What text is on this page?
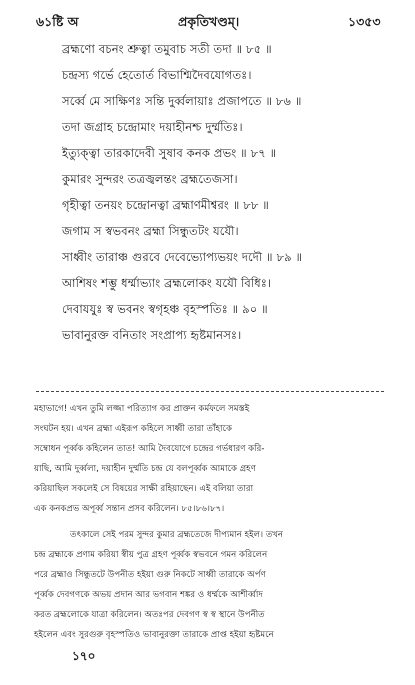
৬১ষ্টি অ	প্রকৃতিখণ্ডম্।	১৩৫৩
ব্রহ্মণো বচনং শ্রুত্বা তমুবাচ সতী তদা ॥ ৮৫ ॥
চন্দ্রস্য গর্ভে হেতোর্ত বিভাশ্মিদৈবযোগতঃ।
সর্ব্বে মে সাক্ষিণঃ সন্তি দুর্ব্বলায়াঃ প্রজাপতে ॥ ৮৬ ॥
তদা জগ্রাহ চন্দ্রোমাং দয়াহীনশ্চ দুর্ম্মতিঃ।
ইত্যুক্ত্বা তারকাদেবী সুষাব কনক প্রভং ॥ ৮৭ ॥
কুমারং সুন্দরং তত্রজ্বলন্তং ব্রহ্মতেজসা।
গৃহীত্বা তনয়ং চন্দ্রোনত্বা ব্রহ্মাণমীশ্বরং ॥ ৮৮ ॥
জগাম স স্বভবনং ব্রহ্মা সিন্ধুতটং যযৌ।
সাধ্বীং তারাঞ্চ গুরবে দেবেভ্যোপ্যভয়ং দদৌ ॥ ৮৯ ॥
আশিষং শম্ভু ধর্ম্মাভ্যাং ব্রহ্মলোকং যযৌ বিধিঃ।
দেবাযযুঃ স্ব ভবনং স্বগৃহঞ্চ বৃহস্পতিঃ ॥ ৯০ ॥
ভাবানুরক্ত বনিতাং সংপ্রাপ্য হৃষ্টমানসঃ।
মহাভাগে! এখন তুমি লজ্জা পরিত্যাগ কর প্রাক্তন কর্মফলে সমস্তই
সংঘটন হয়। এখন ব্রহ্মা এইরূপ কহিলে সাধ্বী তারা তাঁহাকে
সম্বোধন পূর্ব্বক কহিলেন তাত! আমি দৈবযোগে চন্দ্রের গর্ভধারণ করি-
য়াছি, আমি দুর্ব্বলা, দয়াহীন দুর্ম্মতি চন্দ্র যে বলপূর্ব্বক আমাকে গ্রহণ
করিয়াছিল সকলেই সে বিষয়ের সাক্ষী রহিয়াছেন। এই বলিয়া তারা
এক কনকপ্রভ অপূর্ব্ব সন্তান প্রসব করিলেন। ৮৫।৮৬।৮৭।
তৎকালে সেই পরম সুন্দর কুমার ব্রহ্মতেজে দীপ্যমান হইল। তখন
চন্দ্র ব্রহ্মাকে প্রণাম করিয়া স্বীয় পুত্র গ্রহণ পূর্ব্বক স্বভবনে গমন করিলেন
পরে ব্রহ্মাও সিন্ধুতটে উপনীত হইয়া গুরু নিকটে সাধ্বী তারাকে অর্পণ
পূর্ব্বক দেবগণকে অভয় প্রদান আর ভগবান শঙ্কর ও ধর্ম্মকে আশীর্ব্বাদ
করত ব্রহ্মলোকে যাত্রা করিলেন। অতঃপর দেবগণ স্ব স্ব স্থানে উপনীত
হইলেন এবং সুরগুরু বৃহস্পতিও ভাবানুরক্তা তারাকে প্রাপ্ত হইয়া হৃষ্টমনে
১৭০
